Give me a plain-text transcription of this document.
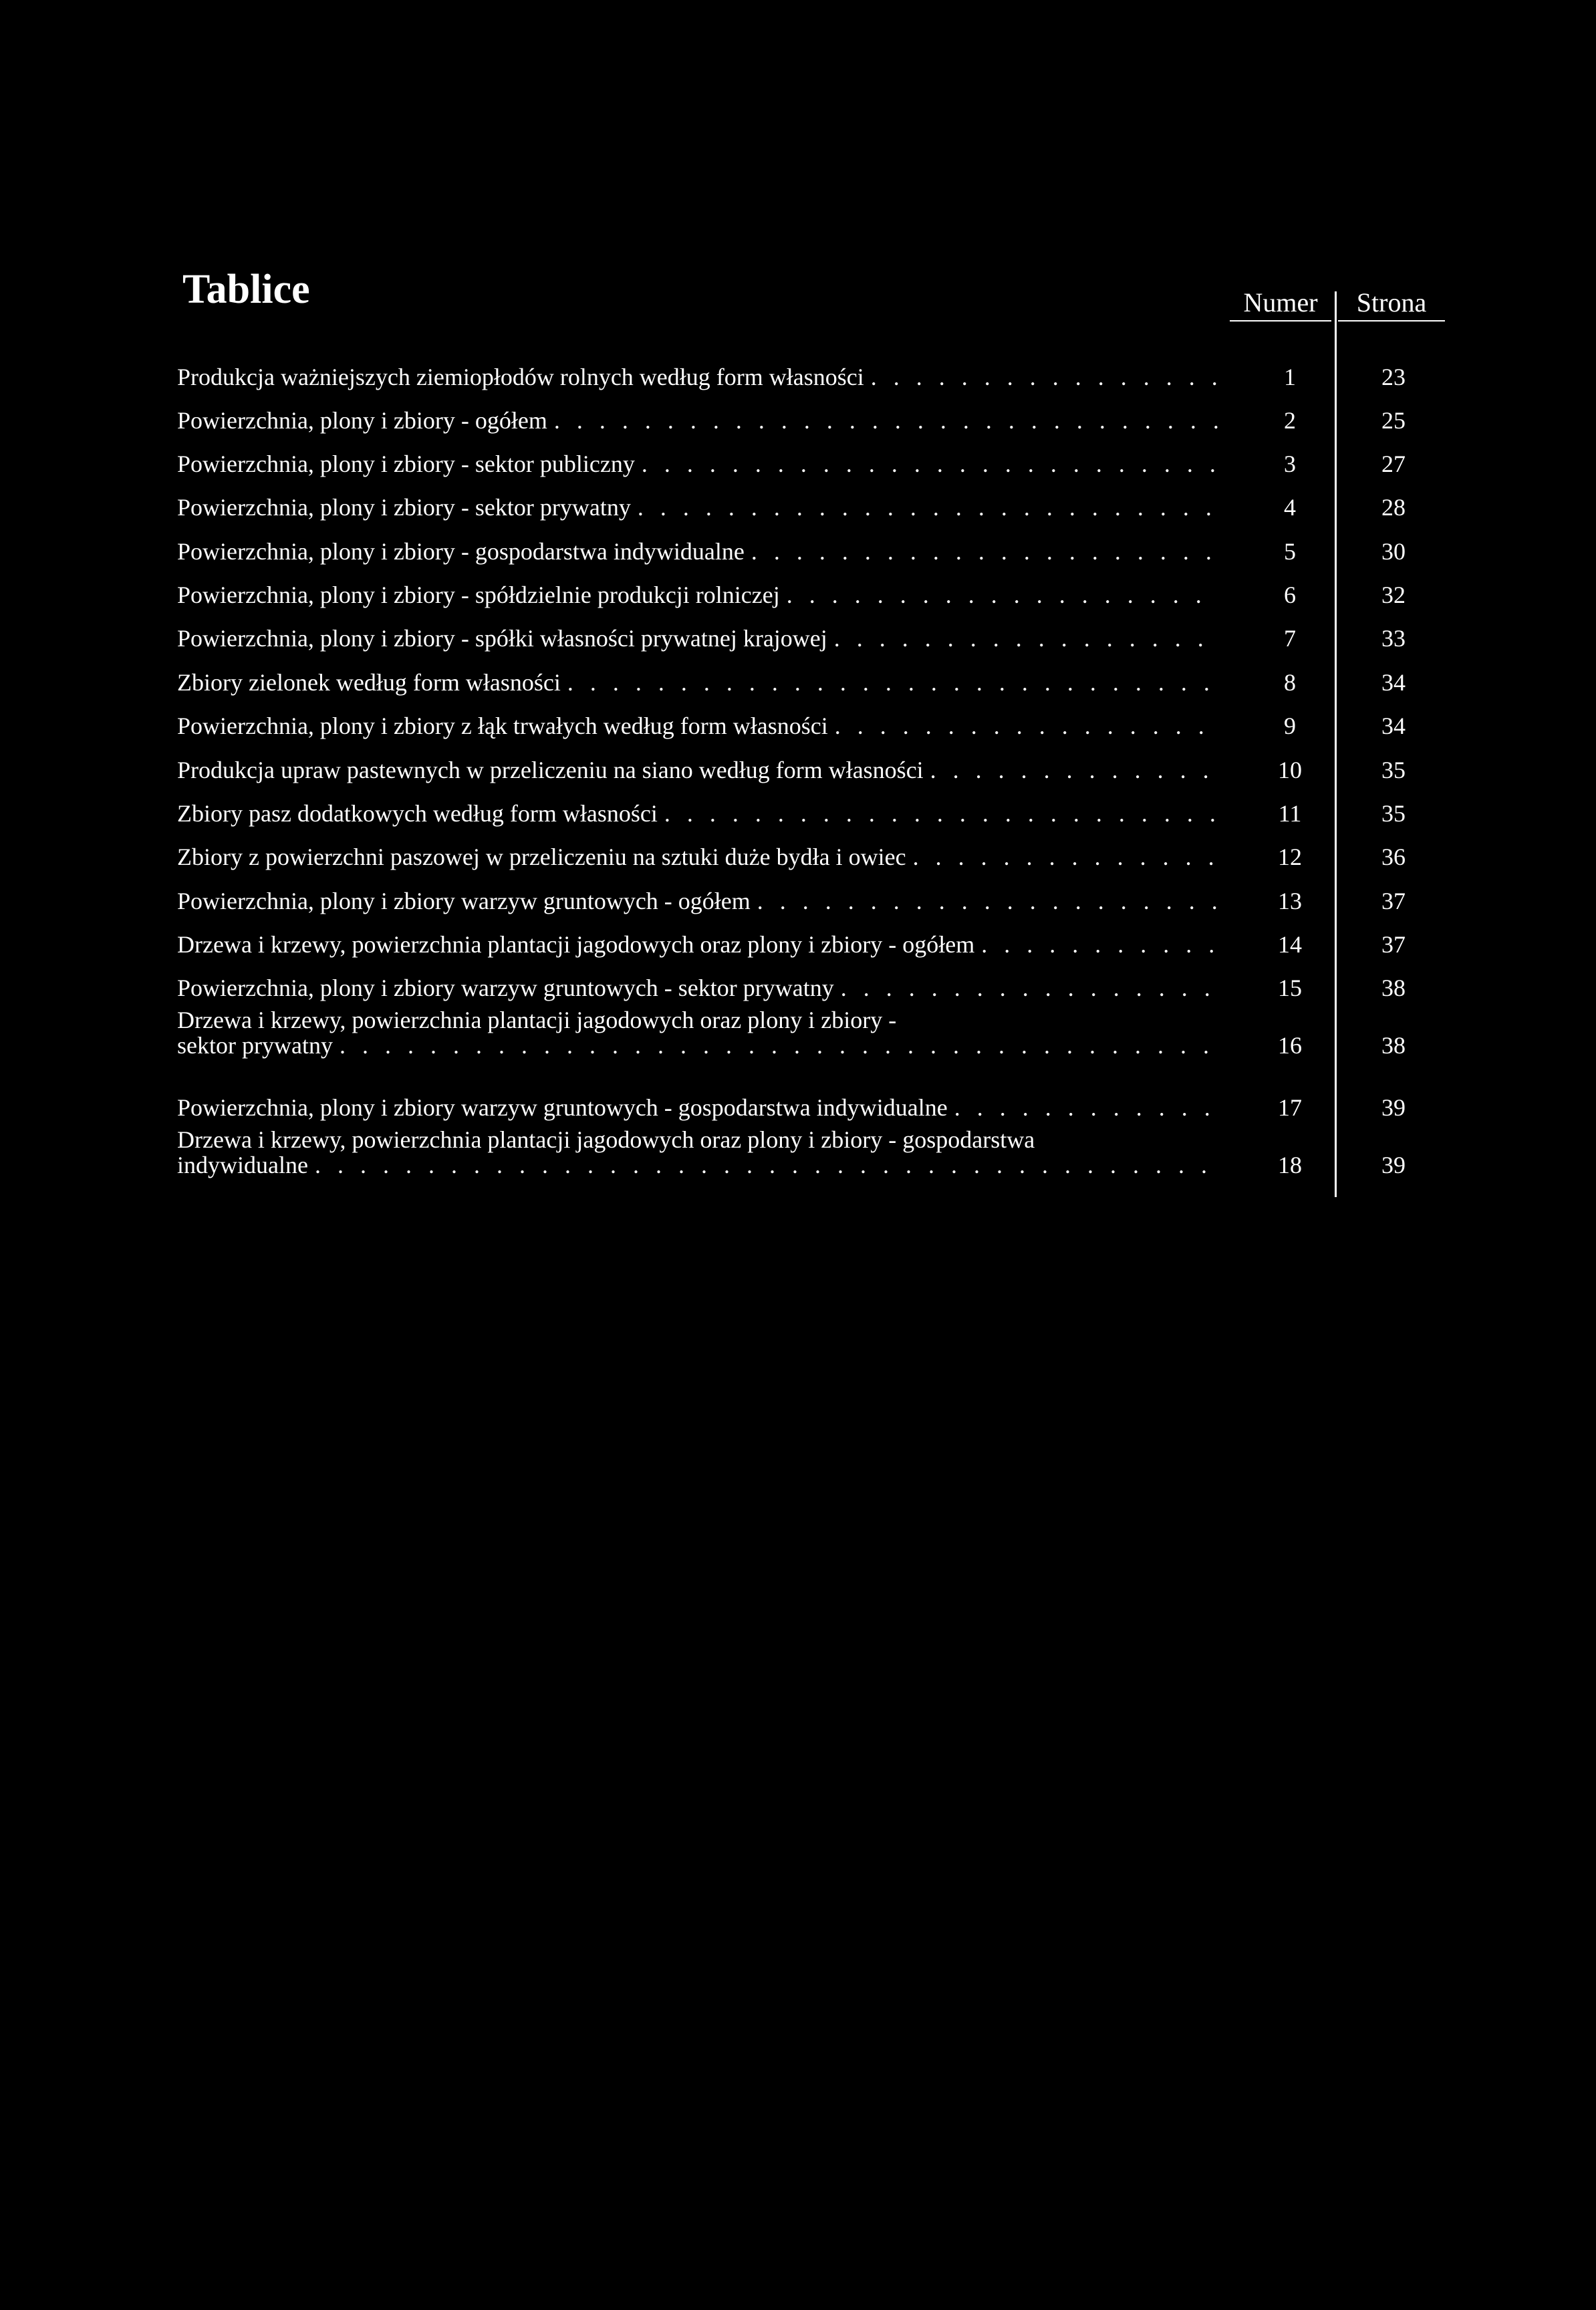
Tablice	Numer	Strona
Produkcja ważniejszych ziemiopłodów rolnych według form własności . . .	1	23
Powierzchnia, plony i zbiory - ogółem . . .	2	25
Powierzchnia, plony i zbiory - sektor publiczny . . .	3	27
Powierzchnia, plony i zbiory - sektor prywatny . . .	4	28
Powierzchnia, plony i zbiory - gospodarstwa indywidualne . . .	5	30
Powierzchnia, plony i zbiory - spółdzielnie produkcji rolniczej . . .	6	32
Powierzchnia, plony i zbiory - spółki własności prywatnej krajowej . . .	7	33
Zbiory zielonek według form własności . . .	8	34
Powierzchnia, plony i zbiory z łąk trwałych według form własności . . .	9	34
Produkcja upraw pastewnych w przeliczeniu na siano według form własności . . .	10	35
Zbiory pasz dodatkowych według form własności . . .	11	35
Zbiory z powierzchni paszowej w przeliczeniu na sztuki duże bydła i owiec . . .	12	36
Powierzchnia, plony i zbiory warzyw gruntowych - ogółem . . .	13	37
Drzewa i krzewy, powierzchnia plantacji jagodowych oraz plony i zbiory - ogółem . . .	14	37
Powierzchnia, plony i zbiory warzyw gruntowych - sektor prywatny . . .	15	38
Drzewa i krzewy, powierzchnia plantacji jagodowych oraz plony i zbiory -
sektor prywatny . . .	16	38
Powierzchnia, plony i zbiory warzyw gruntowych - gospodarstwa indywidualne . . .	17	39
Drzewa i krzewy, powierzchnia plantacji jagodowych oraz plony i zbiory - gospodarstwa
indywidualne . . .	18	39
